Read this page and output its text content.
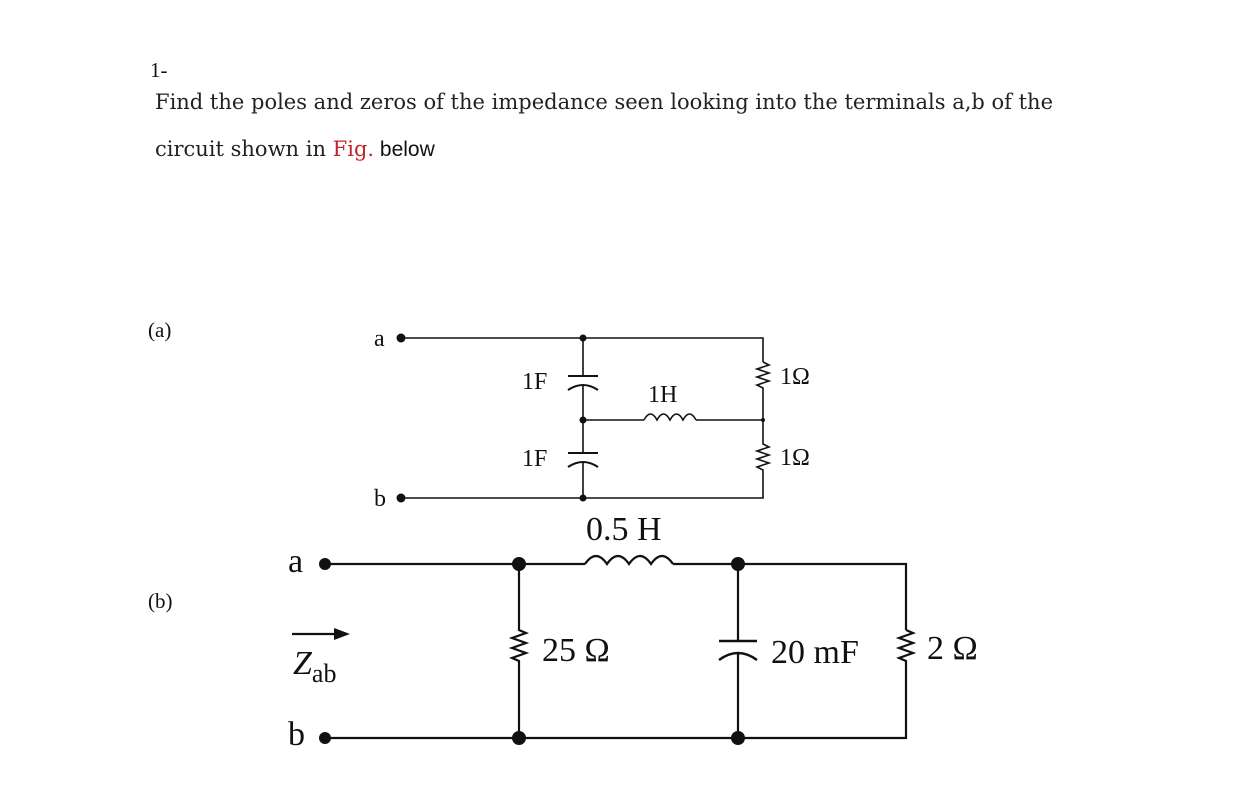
1-
Find the poles and zeros of the impedance seen looking into the terminals a,b of the
circuit shown in Fig. below
(a)
(b)
a
b
1F
1F
1H
1Ω
1Ω
a
b
$Z_{ab}$
0.5 H
25 Ω	20 mF 2 Ω
